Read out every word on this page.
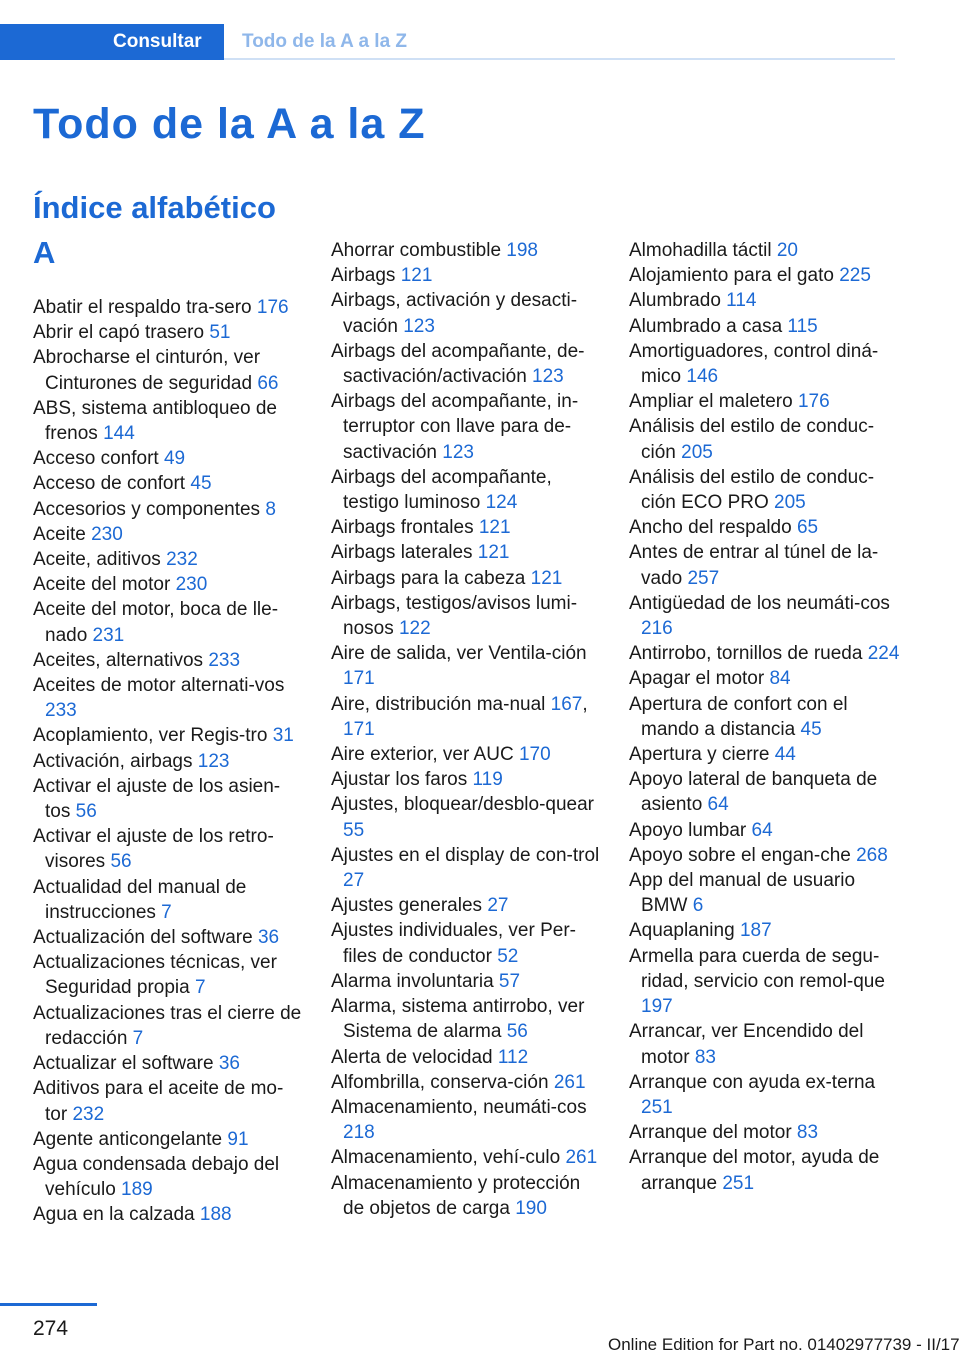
Consultar	Todo de la A a la Z
Todo de la A a la Z
Índice alfabético
A
Abatir el respaldo tra‐sero 176
Abrir el capó trasero 51
Abrocharse el cinturón, ver Cinturones de seguridad 66
ABS, sistema antibloqueo de frenos 144
Acceso confort 49
Acceso de confort 45
Accesorios y componentes 8
Aceite 230
Aceite, aditivos 232
Aceite del motor 230
Aceite del motor, boca de lle‐nado 231
Aceites, alternativos 233
Aceites de motor alternati‐vos 233
Acoplamiento, ver Regis‐tro 31
Activación, airbags 123
Activar el ajuste de los asien‐tos 56
Activar el ajuste de los retro‐visores 56
Actualidad del manual de instrucciones 7
Actualización del software 36
Actualizaciones técnicas, ver Seguridad propia 7
Actualizaciones tras el cierre de redacción 7
Actualizar el software 36
Aditivos para el aceite de mo‐tor 232
Agente anticongelante 91
Agua condensada debajo del vehículo 189
Agua en la calzada 188
Ahorrar combustible 198
Airbags 121
Airbags, activación y desacti‐vación 123
Airbags del acompañante, de‐sactivación/activación 123
Airbags del acompañante, in‐terruptor con llave para de‐sactivación 123
Airbags del acompañante, testigo luminoso 124
Airbags frontales 121
Airbags laterales 121
Airbags para la cabeza 121
Airbags, testigos/avisos lumi‐nosos 122
Aire de salida, ver Ventila‐ción 171
Aire, distribución ma‐nual 167, 171
Aire exterior, ver AUC 170
Ajustar los faros 119
Ajustes, bloquear/desblo‐quear 55
Ajustes en el display de con‐trol 27
Ajustes generales 27
Ajustes individuales, ver Per‐files de conductor 52
Alarma involuntaria 57
Alarma, sistema antirrobo, ver Sistema de alarma 56
Alerta de velocidad 112
Alfombrilla, conserva‐ción 261
Almacenamiento, neumáti‐cos 218
Almacenamiento, vehí‐culo 261
Almacenamiento y protección de objetos de carga 190
Almohadilla táctil 20
Alojamiento para el gato 225
Alumbrado 114
Alumbrado a casa 115
Amortiguadores, control diná‐mico 146
Ampliar el maletero 176
Análisis del estilo de conduc‐ción 205
Análisis del estilo de conduc‐ción ECO PRO 205
Ancho del respaldo 65
Antes de entrar al túnel de la‐vado 257
Antigüedad de los neumáti‐cos 216
Antirrobo, tornillos de rueda 224
Apagar el motor 84
Apertura de confort con el mando a distancia 45
Apertura y cierre 44
Apoyo lateral de banqueta de asiento 64
Apoyo lumbar 64
Apoyo sobre el engan‐che 268
App del manual de usuario BMW 6
Aquaplaning 187
Armella para cuerda de segu‐ridad, servicio con remol‐que 197
Arrancar, ver Encendido del motor 83
Arranque con ayuda ex‐terna 251
Arranque del motor 83
Arranque del motor, ayuda de arranque 251
274
Online Edition for Part no. 01402977739 - II/17
